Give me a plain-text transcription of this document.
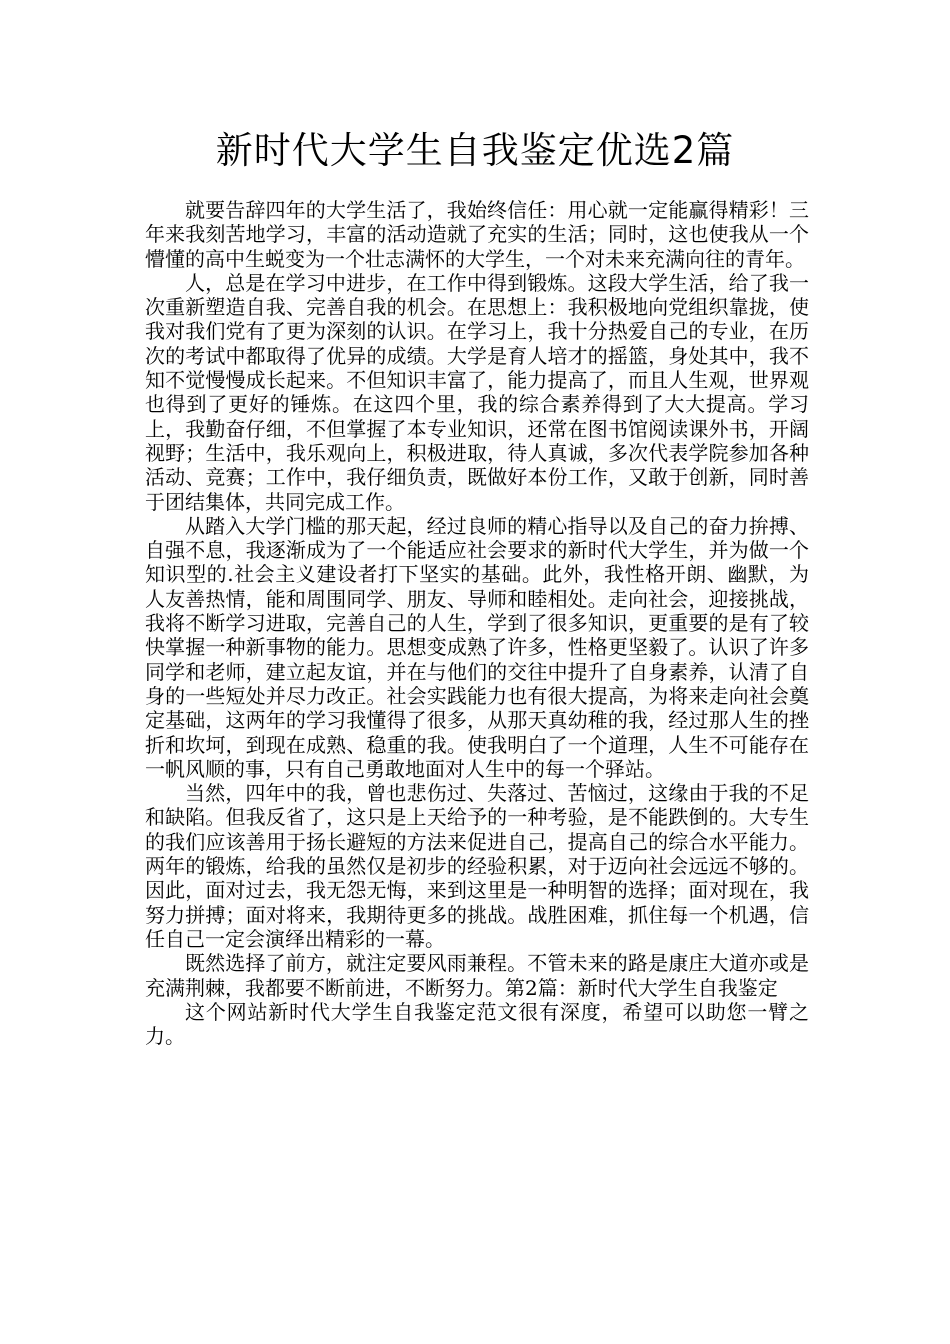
新时代大学生自我鉴定优选2篇

就要告辞四年的大学生活了，我始终信任：用心就一定能赢得精彩！三年来我刻苦地学习，丰富的活动造就了充实的生活；同时，这也使我从一个懵懂的高中生蜕变为一个壮志满怀的大学生，一个对未来充满向往的青年。

人，总是在学习中进步，在工作中得到锻炼。这段大学生活，给了我一次重新塑造自我、完善自我的机会。在思想上：我积极地向党组织靠拢，使我对我们党有了更为深刻的认识。在学习上，我十分热爱自己的专业，在历次的考试中都取得了优异的成绩。大学是育人培才的摇篮，身处其中，我不知不觉慢慢成长起来。不但知识丰富了，能力提高了，而且人生观，世界观也得到了更好的锤炼。在这四个里，我的综合素养得到了大大提高。学习上，我勤奋仔细，不但掌握了本专业知识，还常在图书馆阅读课外书，开阔视野；生活中，我乐观向上，积极进取，待人真诚，多次代表学院参加各种活动、竞赛；工作中，我仔细负责，既做好本份工作，又敢于创新，同时善于团结集体，共同完成工作。

从踏入大学门槛的那天起，经过良师的精心指导以及自己的奋力拚搏、自强不息，我逐渐成为了一个能适应社会要求的新时代大学生，并为做一个知识型的.社会主义建设者打下坚实的基础。此外，我性格开朗、幽默，为人友善热情，能和周围同学、朋友、导师和睦相处。走向社会，迎接挑战，我将不断学习进取，完善自己的人生，学到了很多知识，更重要的是有了较快掌握一种新事物的能力。思想变成熟了许多，性格更坚毅了。认识了许多同学和老师，建立起友谊，并在与他们的交往中提升了自身素养，认清了自身的一些短处并尽力改正。社会实践能力也有很大提高，为将来走向社会奠定基础，这两年的学习我懂得了很多，从那天真幼稚的我，经过那人生的挫折和坎坷，到现在成熟、稳重的我。使我明白了一个道理，人生不可能存在一帆风顺的事，只有自己勇敢地面对人生中的每一个驿站。

当然，四年中的我，曾也悲伤过、失落过、苦恼过，这缘由于我的不足和缺陷。但我反省了，这只是上天给予的一种考验，是不能跌倒的。大专生的我们应该善用于扬长避短的方法来促进自己，提高自己的综合水平能力。两年的锻炼，给我的虽然仅是初步的经验积累，对于迈向社会远远不够的。因此，面对过去，我无怨无悔，来到这里是一种明智的选择；面对现在，我努力拼搏；面对将来，我期待更多的挑战。战胜困难，抓住每一个机遇，信任自己一定会演绎出精彩的一幕。

既然选择了前方，就注定要风雨兼程。不管未来的路是康庄大道亦或是充满荆棘，我都要不断前进，不断努力。第2篇：新时代大学生自我鉴定

这个网站新时代大学生自我鉴定范文很有深度，希望可以助您一臂之力。
